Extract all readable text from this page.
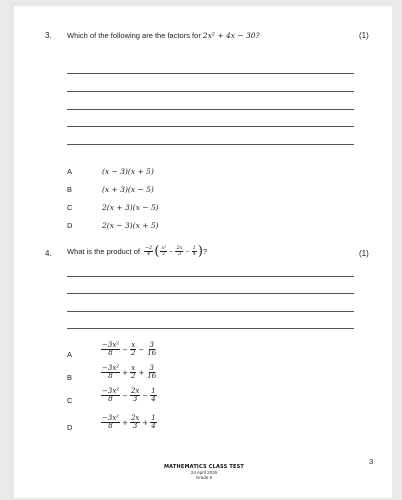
3. Which of the following are the factors for 2x² + 4x − 30?	(1)
A	(x − 3)(x + 5)
B	(x + 3)(x − 5)
C	2(x + 3)(x − 5)
D	2(x − 3)(x + 5)
4. What is the product of $\frac{-2}{4}$ ( $\frac{\text{x²}}{2} - \frac{2x}{3} - \frac{1}{4}$ ) ?	(1)
A	$\frac{\text{−3x²}}{8} - \frac{x}{2} - \frac{3}{16}$
B	$\frac{\text{−3x²}}{8} + \frac{x}{2} + \frac{3}{16}$
C	$\frac{\text{−3x²}}{8} - \frac{2x}{3} - \frac{1}{4}$
D	$\frac{\text{−3x²}}{8} + \frac{2x}{3} + \frac{1}{4}$
3
MATHEMATICS CLASS TEST
24 April 2026
Grade 9
